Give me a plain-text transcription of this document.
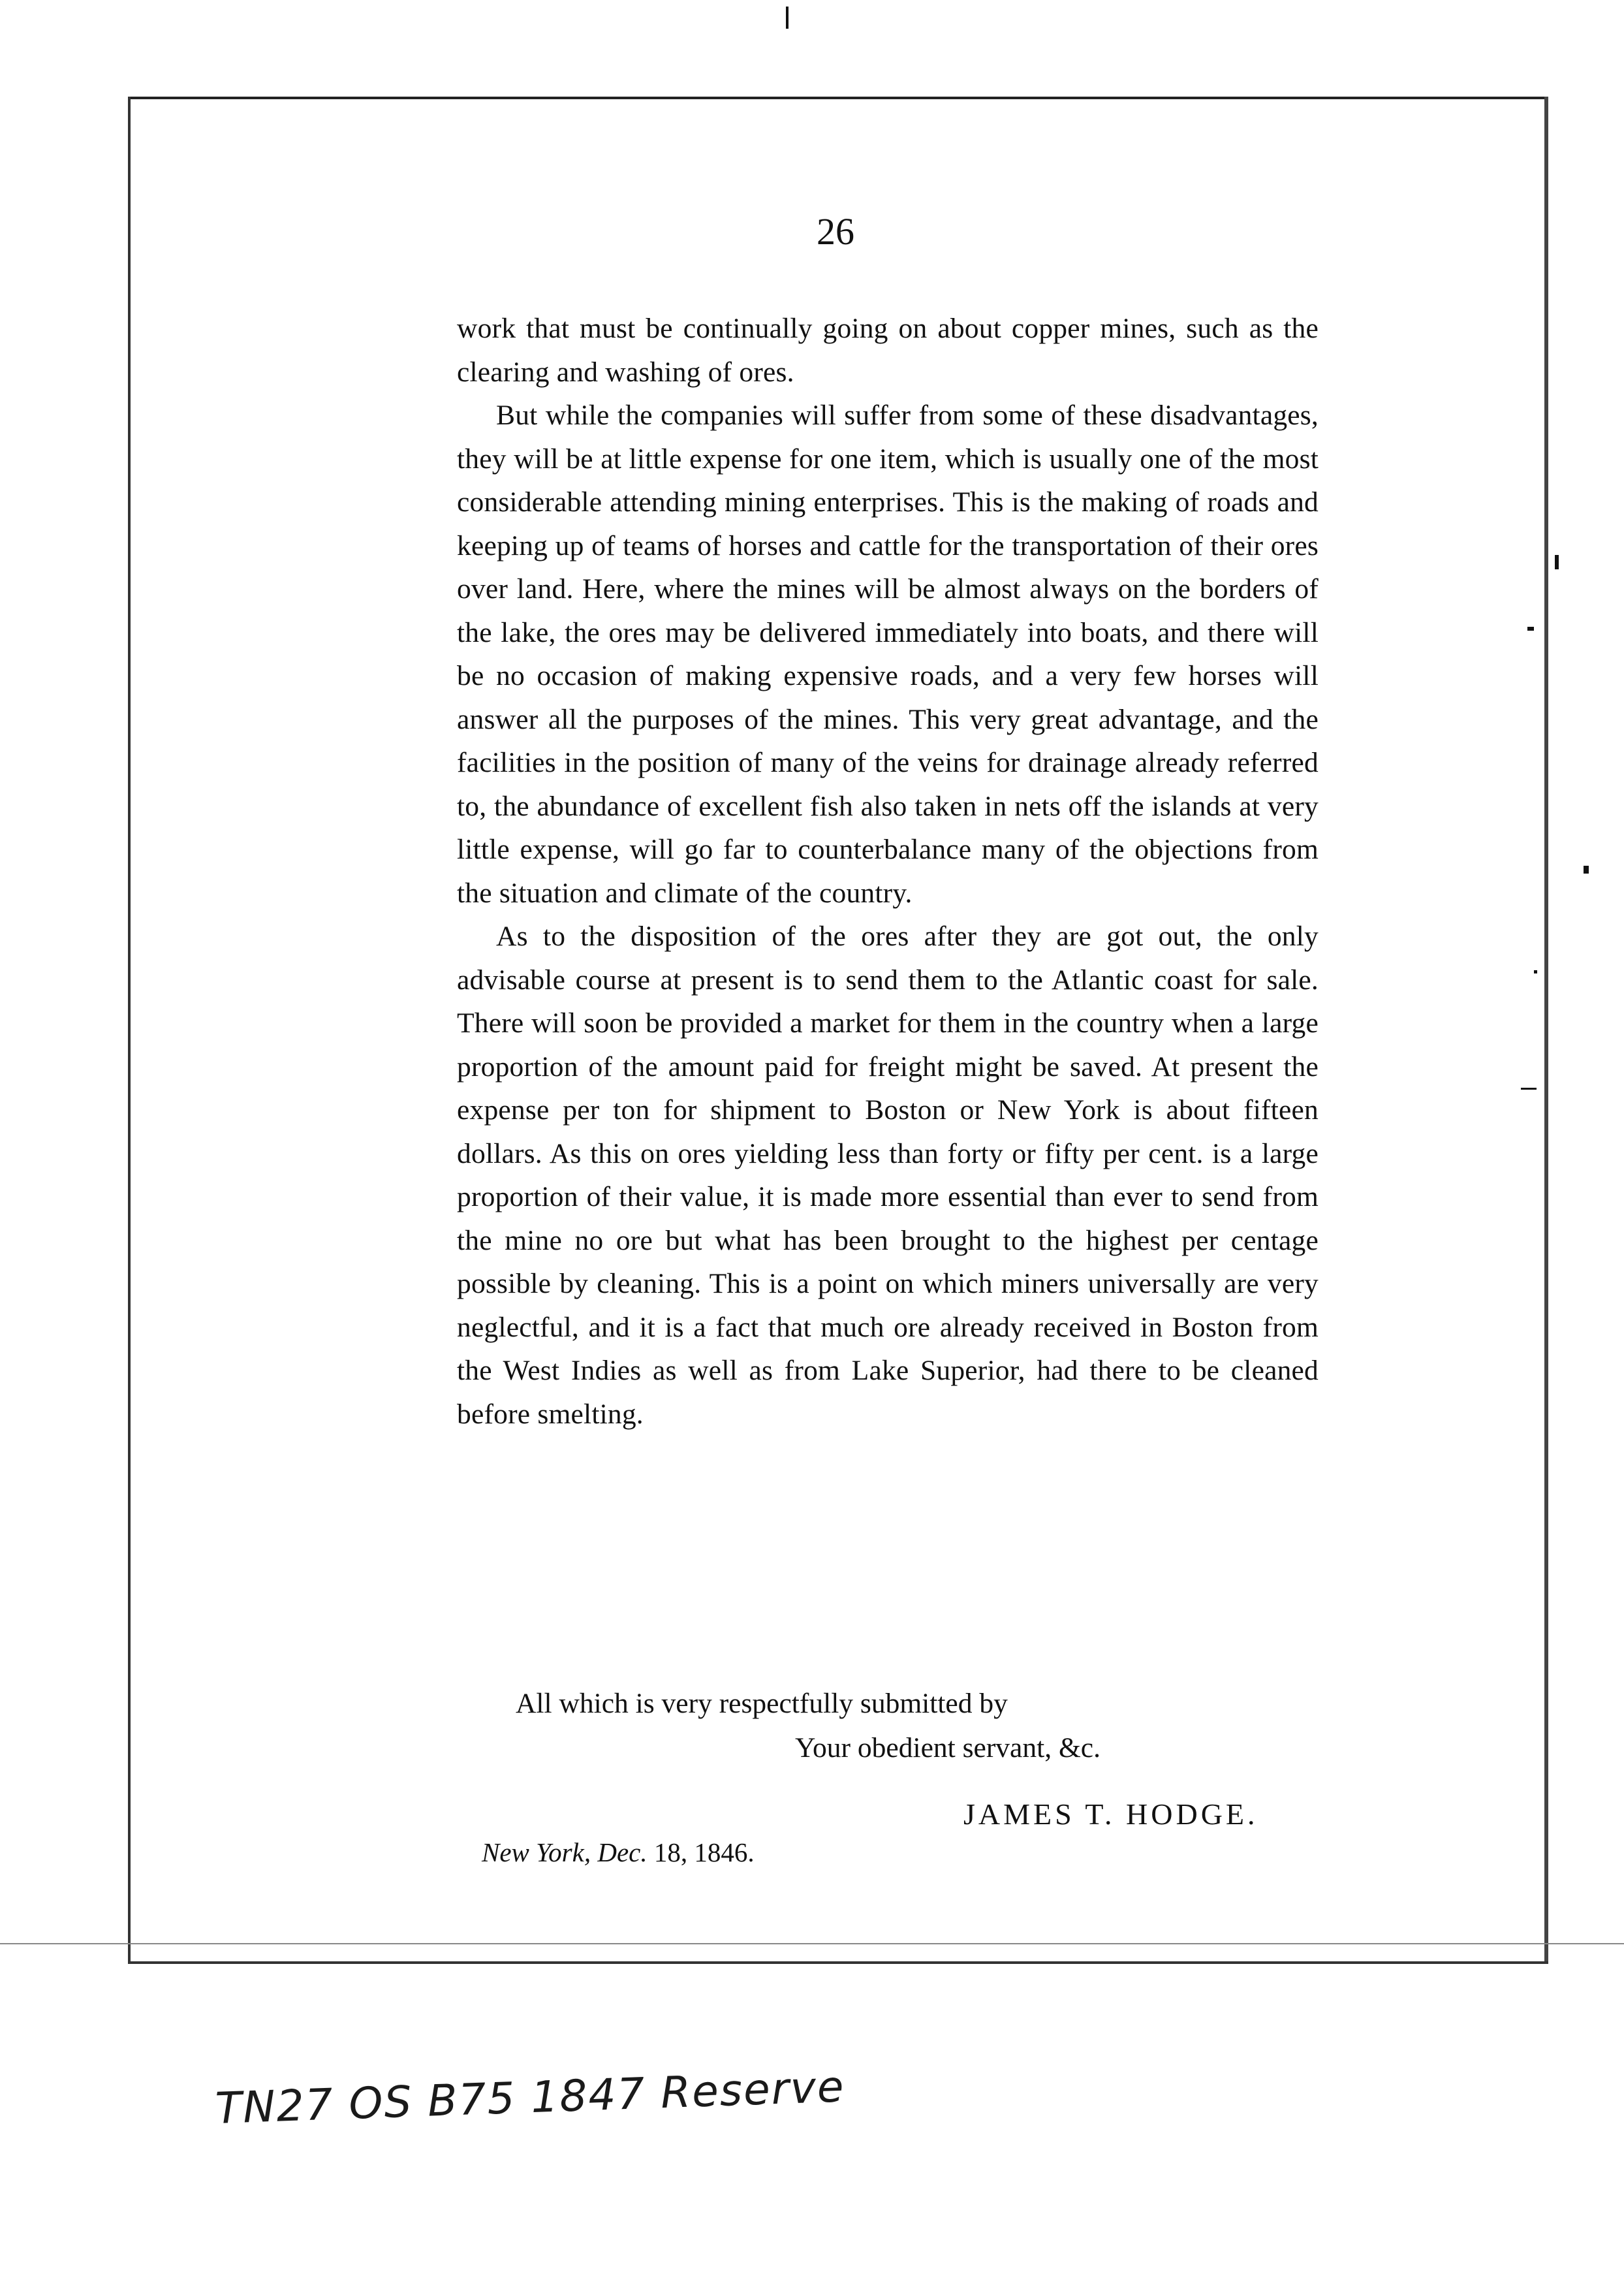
26

work that must be continually going on about copper mines, such as the clearing and washing of ores.

But while the companies will suffer from some of these disadvantages, they will be at little expense for one item, which is usually one of the most considerable attending mining enterprises. This is the making of roads and keeping up of teams of horses and cattle for the transportation of their ores over land. Here, where the mines will be almost always on the borders of the lake, the ores may be delivered immediately into boats, and there will be no occasion of making expensive roads, and a very few horses will answer all the purposes of the mines. This very great advantage, and the facilities in the position of many of the veins for drainage already referred to, the abundance of excellent fish also taken in nets off the islands at very little expense, will go far to counterbalance many of the objections from the situation and climate of the country.

As to the disposition of the ores after they are got out, the only advisable course at present is to send them to the Atlantic coast for sale. There will soon be provided a market for them in the country when a large proportion of the amount paid for freight might be saved. At present the expense per ton for shipment to Boston or New York is about fifteen dollars. As this on ores yielding less than forty or fifty per cent. is a large proportion of their value, it is made more essential than ever to send from the mine no ore but what has been brought to the highest per centage possible by cleaning. This is a point on which miners universally are very neglectful, and it is a fact that much ore already received in Boston from the West Indies as well as from Lake Superior, had there to be cleaned before smelting.

All which is very respectfully submitted by
Your obedient servant, &c.
JAMES T. HODGE.
New York, Dec. 18, 1846.
TN27 OS B75 1847 Reserve
